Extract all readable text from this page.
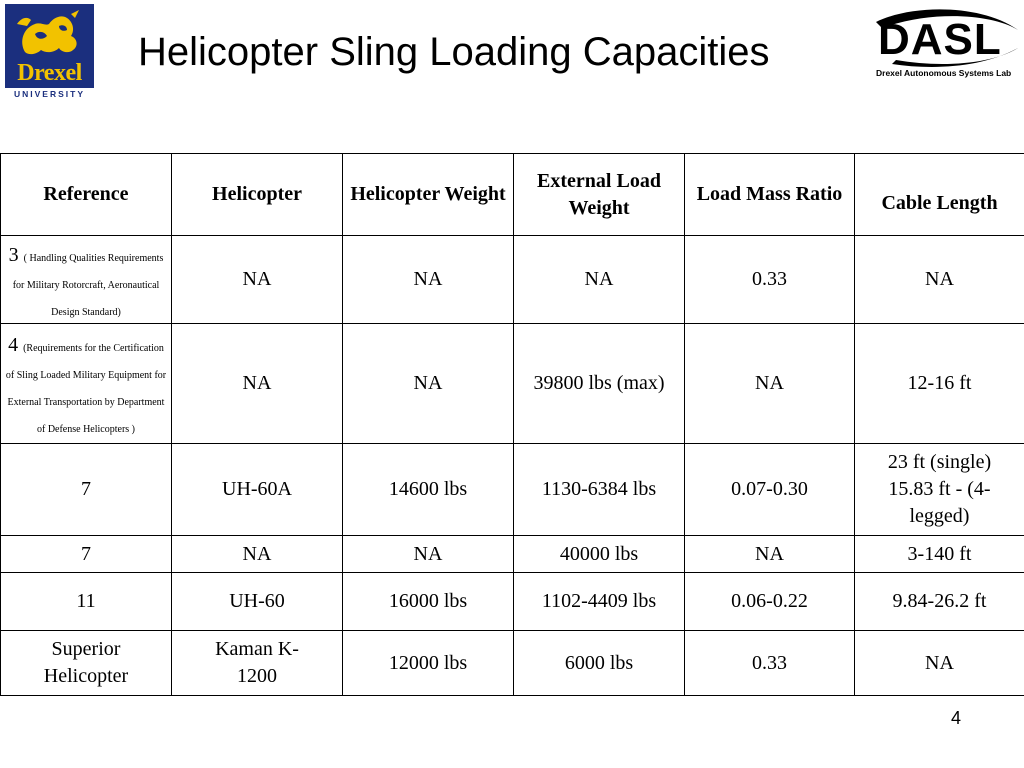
Drexel
UNIVERSITY
Helicopter Sling Loading Capacities DASL
Drexel Autonomous Systems Lab
Reference	Helicopter	Helicopter Weight	External Load Weight	Load Mass Ratio	Cable Length
3 ( Handling Qualities Requirements for Military Rotorcraft, Aeronautical Design Standard)	NA	NA	NA	0.33	NA
4 (Requirements for the Certification of Sling Loaded Military Equipment for External Transportation by Department of Defense Helicopters )	NA	NA	39800 lbs (max)	NA	12-16 ft
7	UH-60A	14600 lbs	1130-6384 lbs	0.07-0.30	23 ft (single) 15.83 ft - (4-legged)
7	NA	NA	40000 lbs	NA	3-140 ft
11	UH-60	16000 lbs	1102-4409 lbs	0.06-0.22	9.84-26.2 ft
Superior Helicopter	Kaman K-1200	12000 lbs	6000 lbs	0.33	NA
4
